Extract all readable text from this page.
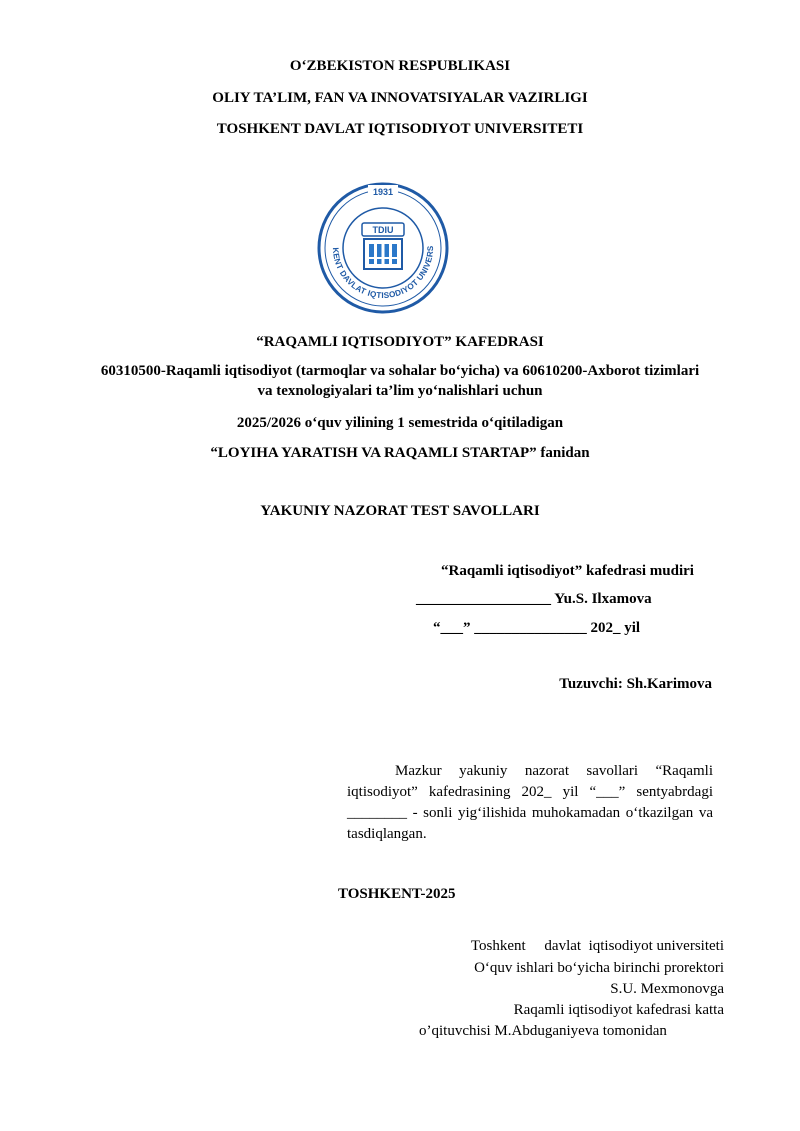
O‘ZBEKISTON RESPUBLIKASI
OLIY TA’LIM, FAN VA INNOVATSIYALAR VAZIRLIGI
TOSHKENT DAVLAT IQTISODIYOT UNIVERSITETI
1931
KENT DAVLAT IQTISODIYOT UNIVERS
TDIU
“RAQAMLI IQTISODIYOT” KAFEDRASI
60310500-Raqamli iqtisodiyot (tarmoqlar va sohalar bo‘yicha) va 60610200-Axborot tizimlari
va texnologiyalari ta’lim yo‘nalishlari uchun
2025/2026 o‘quv yilining 1 semestrida o‘qitiladigan
“LOYIHA YARATISH VA RAQAMLI STARTAP” fanidan
YAKUNIY NAZORAT TEST SAVOLLARI
“Raqamli iqtisodiyot” kafedrasi mudiri
__________________ Yu.S. Ilxamova
“___” _______________ 202_ yil
Tuzuvchi: Sh.Karimova
Mazkur yakuniy nazorat savollari “Raqamli iqtisodiyot” kafedrasining 202_ yil “___” sentyabrdagi ________ - sonli yig‘ilishida muhokamadan o‘tkazilgan va tasdiqlangan.
TOSHKENT-2025
Toshkent     davlat  iqtisodiyot universiteti
O‘quv ishlari bo‘yicha birinchi prorektori
S.U. Mexmonovga
Raqamli iqtisodiyot kafedrasi katta
o’qituvchisi M.Abduganiyeva tomonidan
